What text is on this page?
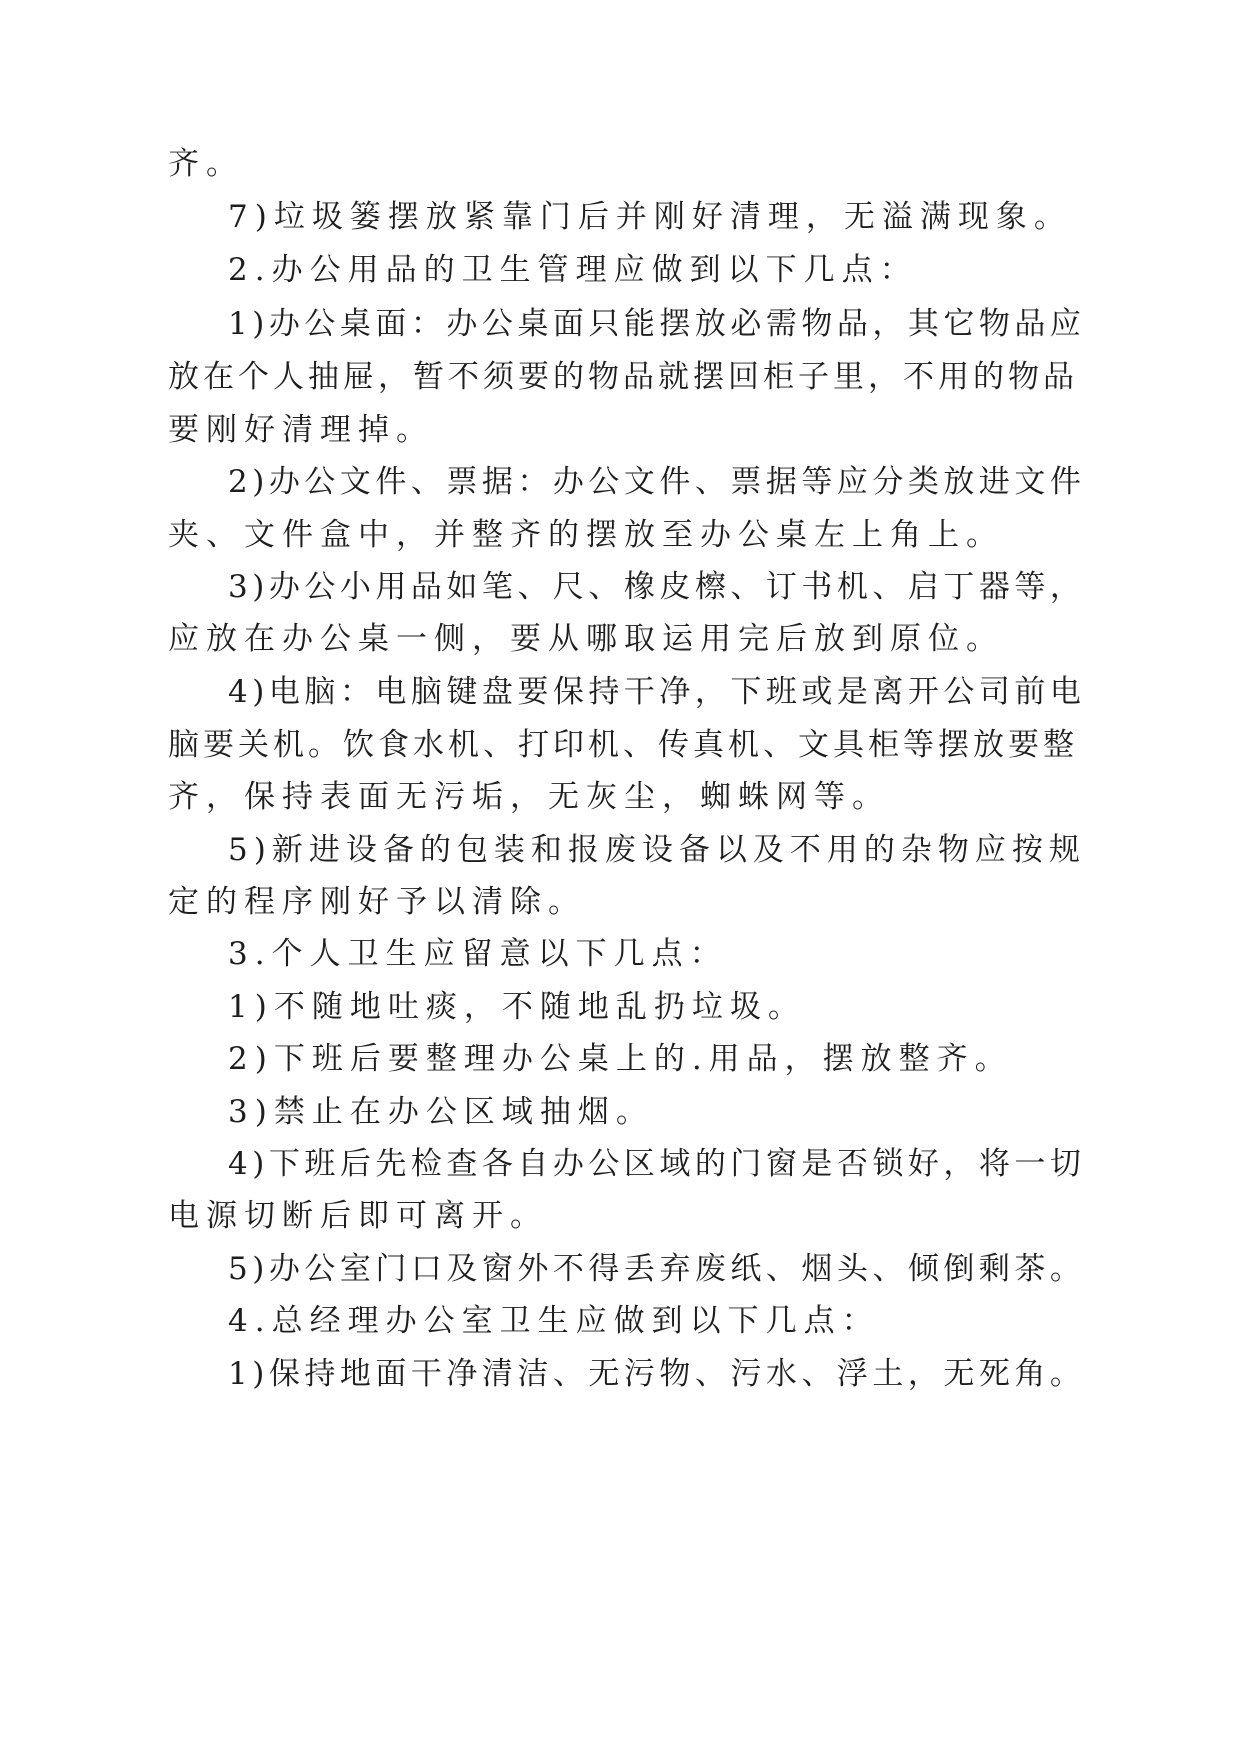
齐。
7)垃圾篓摆放紧靠门后并刚好清理，无溢满现象。
2.办公用品的卫生管理应做到以下几点：
1)办公桌面：办公桌面只能摆放必需物品，其它物品应
放在个人抽屉，暂不须要的物品就摆回柜子里，不用的物品
要刚好清理掉。
2)办公文件、票据：办公文件、票据等应分类放进文件
夹、文件盒中，并整齐的摆放至办公桌左上角上。
3)办公小用品如笔、尺、橡皮檫、订书机、启丁器等，
应放在办公桌一侧，要从哪取运用完后放到原位。
4)电脑：电脑键盘要保持干净，下班或是离开公司前电
脑要关机。饮食水机、打印机、传真机、文具柜等摆放要整
齐，保持表面无污垢，无灰尘，蜘蛛网等。
5)新进设备的包装和报废设备以及不用的杂物应按规
定的程序刚好予以清除。
3.个人卫生应留意以下几点：
1)不随地吐痰，不随地乱扔垃圾。
2)下班后要整理办公桌上的.用品，摆放整齐。
3)禁止在办公区域抽烟。
4)下班后先检查各自办公区域的门窗是否锁好，将一切
电源切断后即可离开。
5)办公室门口及窗外不得丢弃废纸、烟头、倾倒剩茶。
4.总经理办公室卫生应做到以下几点：
1)保持地面干净清洁、无污物、污水、浮土，无死角。
